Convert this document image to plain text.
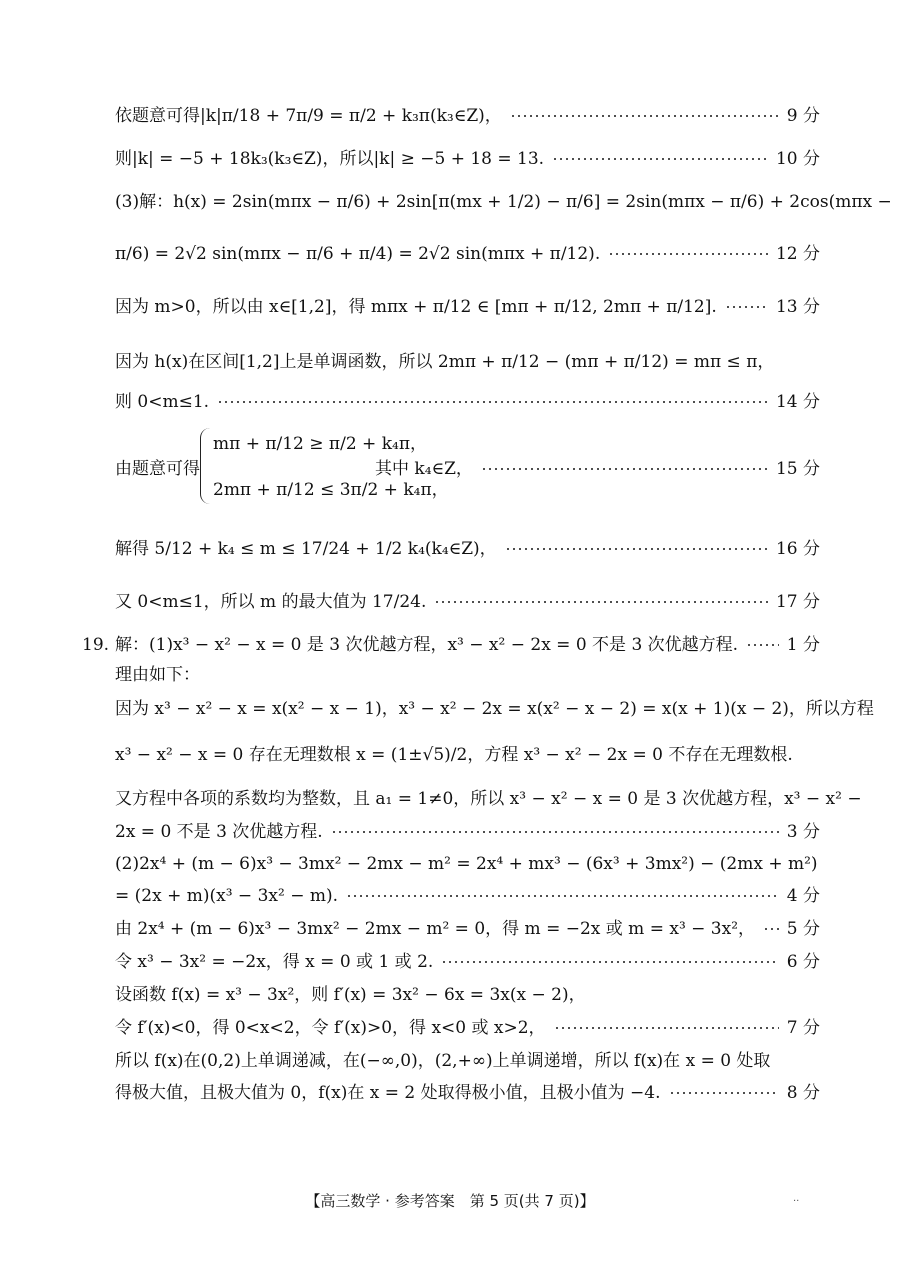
依题意可得|k|π/18 + 7π/9 = π/2 + k₃π(k₃∈Z)，	9 分
则|k| = −5 + 18k₃(k₃∈Z)，所以|k| ≥ −5 + 18 = 13.	10 分
(3)解：h(x) = 2sin(mπx − π/6) + 2sin[π(mx + 1/2) − π/6] = 2sin(mπx − π/6) + 2cos(mπx −
π/6) = 2√2 sin(mπx − π/6 + π/4) = 2√2 sin(mπx + π/12).	12 分
因为 m>0，所以由 x∈[1,2]，得 mπx + π/12 ∈ [mπ + π/12, 2mπ + π/12].	13 分
因为 h(x)在区间[1,2]上是单调函数，所以 2mπ + π/12 − (mπ + π/12) = mπ ≤ π，
则 0<m≤1.	14 分
由题意可得
mπ + π/12 ≥ π/2 + k₄π，
2mπ + π/12 ≤ 3π/2 + k₄π，
其中 k₄∈Z，	15 分
解得 5/12 + k₄ ≤ m ≤ 17/24 + 1/2 k₄(k₄∈Z)，	16 分
又 0<m≤1，所以 m 的最大值为 17/24.	17 分
19. 解：(1)x³ − x² − x = 0 是 3 次优越方程，x³ − x² − 2x = 0 不是 3 次优越方程.	1 分
理由如下：
因为 x³ − x² − x = x(x² − x − 1)，x³ − x² − 2x = x(x² − x − 2) = x(x + 1)(x − 2)，所以方程
x³ − x² − x = 0 存在无理数根 x = (1±√5)/2，方程 x³ − x² − 2x = 0 不存在无理数根.
又方程中各项的系数均为整数，且 a₁ = 1≠0，所以 x³ − x² − x = 0 是 3 次优越方程，x³ − x² −
2x = 0 不是 3 次优越方程.	3 分
(2)2x⁴ + (m − 6)x³ − 3mx² − 2mx − m² = 2x⁴ + mx³ − (6x³ + 3mx²) − (2mx + m²)
= (2x + m)(x³ − 3x² − m).	4 分
由 2x⁴ + (m − 6)x³ − 3mx² − 2mx − m² = 0，得 m = −2x 或 m = x³ − 3x²， 5 分
令 x³ − 3x² = −2x，得 x = 0 或 1 或 2.	6 分
设函数 f(x) = x³ − 3x²，则 f′(x) = 3x² − 6x = 3x(x − 2)，
令 f′(x)<0，得 0<x<2，令 f′(x)>0，得 x<0 或 x>2，	7 分
所以 f(x)在(0,2)上单调递减，在(−∞,0)，(2,+∞)上单调递增，所以 f(x)在 x = 0 处取
得极大值，且极大值为 0，f(x)在 x = 2 处取得极小值，且极小值为 −4.	8 分
【高三数学 · 参考答案　第 5 页(共 7 页)】	..
